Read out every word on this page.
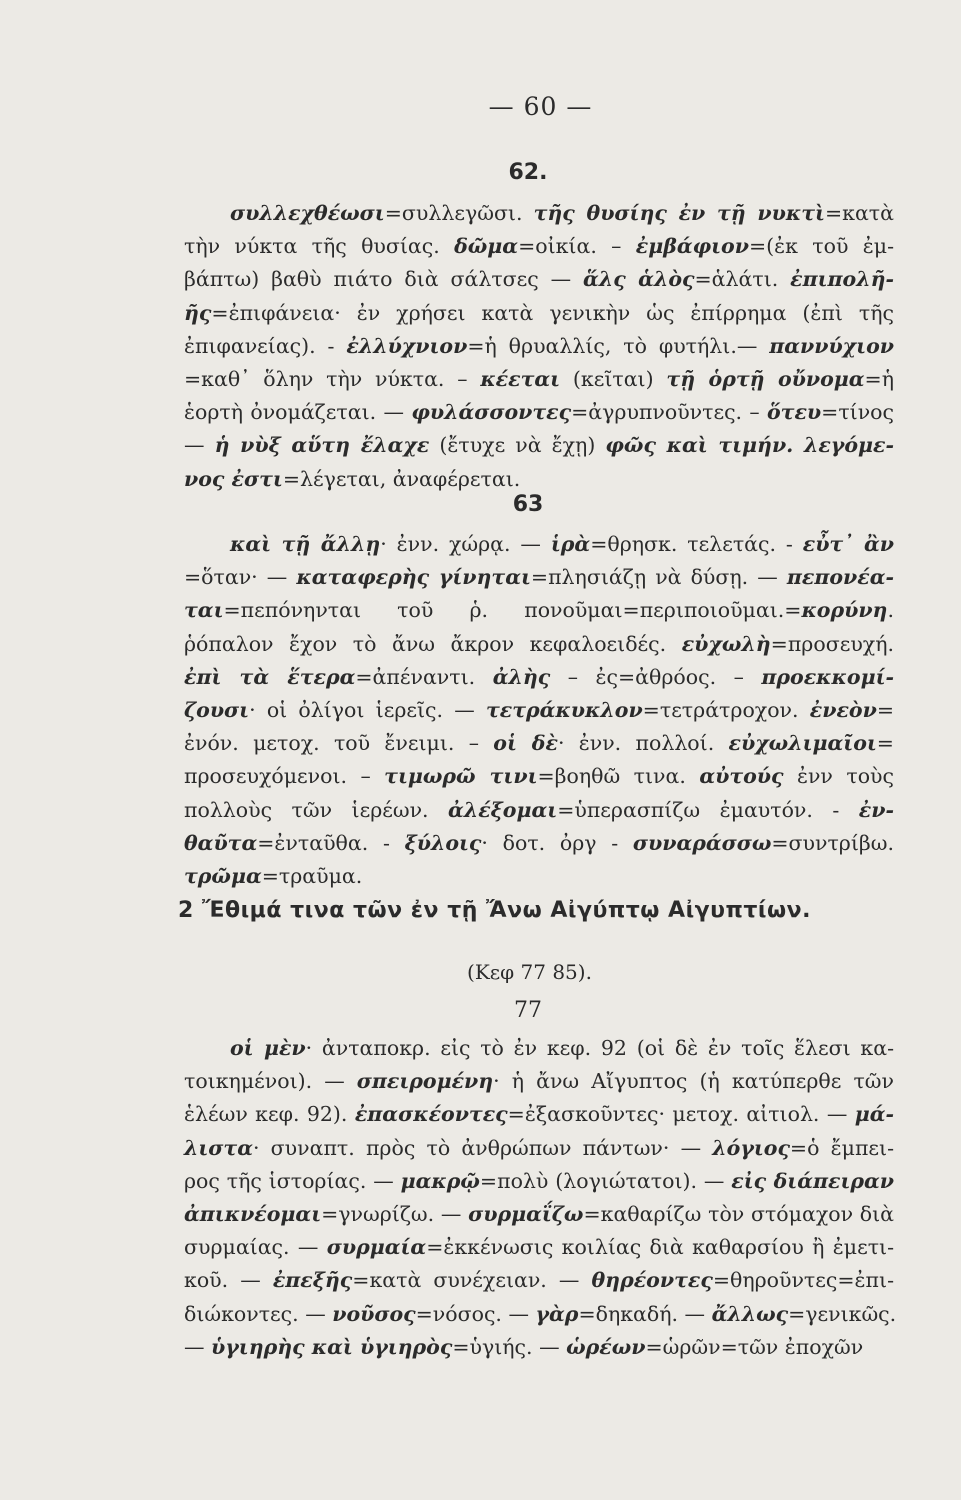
— 60 —
62.
συλλεχθέωσι=συλλεγῶσι. τῆς θυσίης ἐν τῇ νυκτὶ=κατὰ
τὴν νύκτα τῆς θυσίας. δῶμα=οἰκία. – ἐμβάφιον=(ἐκ τοῦ ἐμ-
βάπτω) βαθὺ πιάτο διὰ σάλτσες — ἅλς ἁλὸς=ἁλάτι. ἐπιπολῆ-
ῆς=ἐπιφάνεια· ἐν χρήσει κατὰ γενικὴν ὡς ἐπίρρημα (ἐπὶ τῆς
ἐπιφανείας). - ἐλλύχνιον=ἡ θρυαλλίς, τὸ φυτήλι.— παννύχιον
=καθ᾽ ὅλην τὴν νύκτα. – κέεται (κεῖται) τῇ ὁρτῇ οὔνομα=ἡ
ἑορτὴ ὀνομάζεται. — φυλάσσοντες=ἀγρυπνοῦντες. – ὅτευ=τίνος
— ἡ νὺξ αὕτη ἔλαχε (ἔτυχε νὰ ἔχῃ) φῶς καὶ τιμήν. λεγόμε-
νος ἐστι=λέγεται, ἀναφέρεται.
63
καὶ τῇ ἄλλῃ· ἐνν. χώρᾳ. — ἱρὰ=θρησκ. τελετάς. - εὖτ᾽ ἂν
=ὅταν· — καταφερὴς γίνηται=πλησιάζῃ νὰ δύσῃ. — πεπονέα-
ται=πεπόνηνται τοῦ ῥ. πονοῦμαι=περιποιοῦμαι.=κορύνη.
ῥόπαλον ἔχον τὸ ἄνω ἄκρον κεφαλοειδές. εὐχωλὴ=προσευχή.
ἐπὶ τὰ ἕτερα=ἀπέναντι. ἀλὴς – ἐς=ἀθρόος. – προεκκομί-
ζουσι· οἱ ὀλίγοι ἱερεῖς. — τετράκυκλον=τετράτροχον. ἐνεὸν=
ἐνόν. μετοχ. τοῦ ἔνειμι. – οἱ δὲ· ἐνν. πολλοί. εὐχωλιμαῖοι=
προσευχόμενοι. – τιμωρῶ τινι=βοηθῶ τινα. αὐτούς ἐνν τοὺς
πολλοὺς τῶν ἱερέων. ἀλέξομαι=ὑπερασπίζω ἐμαυτόν. - ἐν-
θαῦτα=ἐνταῦθα. - ξύλοις· δοτ. ὀργ - συναράσσω=συντρίβω.
τρῶμα=τραῦμα.
2 Ἔθιμά τινα τῶν ἐν τῇ Ἄνω Αἰγύπτῳ Αἰγυπτίων.
(Κεφ 77 85).
77
οἱ μὲν· ἀνταποκρ. εἰς τὸ ἐν κεφ. 92 (οἱ δὲ ἐν τοῖς ἕλεσι κα-
τοικημένοι). — σπειρομένη· ἡ ἄνω Αἴγυπτος (ἡ κατύπερθε τῶν
ἑλέων κεφ. 92). ἐπασκέοντες=ἐξασκοῦντες· μετοχ. αἰτιολ. — μά-
λιστα· συναπτ. πρὸς τὸ ἀνθρώπων πάντων· — λόγιος=ὁ ἔμπει-
ρος τῆς ἱστορίας. — μακρῷ=πολὺ (λογιώτατοι). — εἰς διάπειραν
ἀπικνέομαι=γνωρίζω. — συρμαΐζω=καθαρίζω τὸν στόμαχον διὰ
συρμαίας. — συρμαία=ἐκκένωσις κοιλίας διὰ καθαρσίου ἢ ἐμετι-
κοῦ. — ἐπεξῆς=κατὰ συνέχειαν. — θηρέοντες=θηροῦντες=ἐπι-
διώκοντες. — νοῦσος=νόσος. — γὰρ=δηκαδή. — ἄλλως=γενικῶς.
— ὑγιηρὴς καὶ ὑγιηρὸς=ὑγιής. — ὡρέων=ὡρῶν=τῶν ἐποχῶν
